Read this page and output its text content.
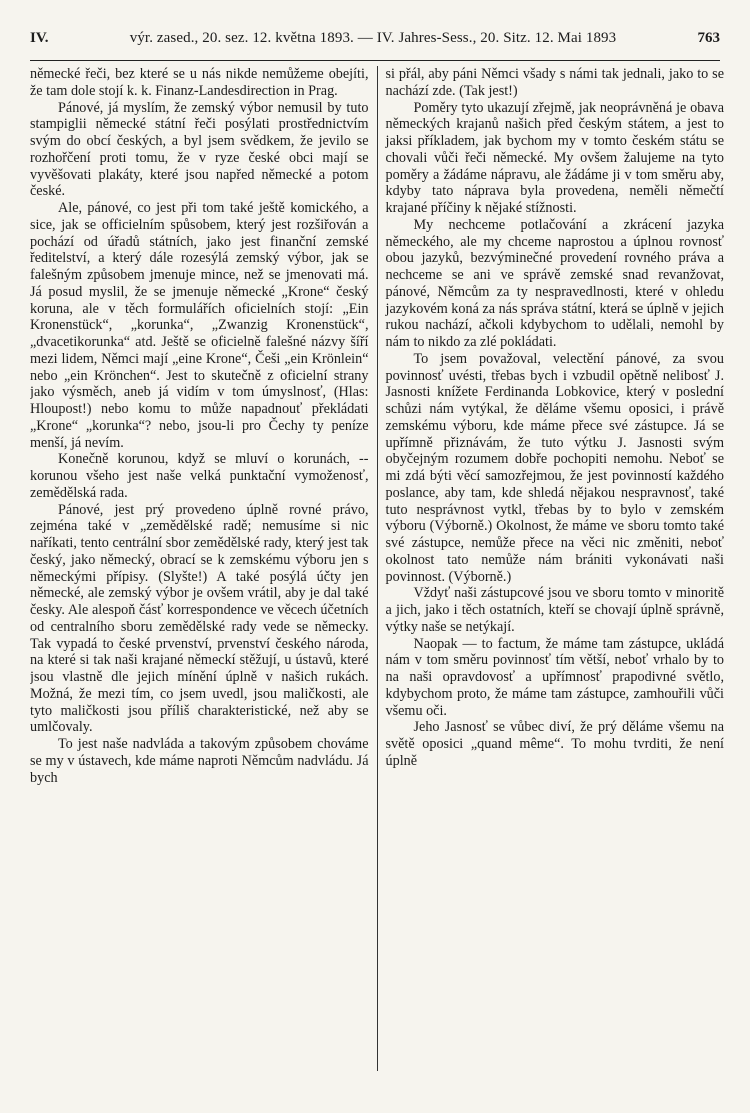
IV.	výr. zased., 20. sez. 12. května 1893. — IV. Jahres-Sess., 20. Sitz. 12. Mai 1893	763

německé řeči, bez které se u nás nikde nemůžeme obejíti, že tam dole stojí k. k. Finanz-Landesdirection in Prag.

Pánové, já myslím, že zemský výbor nemusil by tuto stampiglii německé státní řeči posýlati prostřednictvím svým do obcí českých, a byl jsem svědkem, že jevilo se rozhořčení proti tomu, že v ryze české obci mají se vyvěšovati plakáty, které jsou napřed německé a potom české.

Ale, pánové, co jest při tom také ještě komického, a sice, jak se officielním spůsobem, který jest rozšiřován a pochází od úřadů státních, jako jest finanční zemské ředitelství, a který dále rozesýlá zemský výbor, jak se falešným způsobem jmenuje mince, než se jmenovati má. Já posud myslil, že se jmenuje německé „Krone“ český koruna, ale v těch formulářích oficielních stojí: „Ein Kronenstück“, „korunka“, „Zwanzig Kronenstück“, „dvacetikorunka“ atd. Ještě se oficielně falešné názvy šíří mezi lidem, Němci mají „eine Krone“, Češi „ein Krönlein“ nebo „ein Krönchen“. Jest to skutečně z oficielní strany jako výsměch, aneb já vidím v tom úmyslnosť, (Hlas: Hloupost!) nebo komu to může napadnouť překládati „Krone“ „korunka“? nebo, jsou-li pro Čechy ty peníze menší, já nevím.

Konečně korunou, když se mluví o korunách, -- korunou všeho jest naše velká punktační vymoženosť, zemědělská rada.

Pánové, jest prý provedeno úplně rovné právo, zejména také v „zemědělské radě; nemusíme si nic naříkati, tento centrální sbor zemědělské rady, který jest tak český, jako německý, obrací se k zemskému výboru jen s německými přípisy. (Slyšte!) A také posýlá účty jen německé, ale zemský výbor je ovšem vrátil, aby je dal také česky. Ale alespoň čásť korrespondence ve věcech účetních od centralního sboru zemědělské rady vede se německy. Tak vypadá to české prvenství, prvenství českého národa, na které si tak naši krajané německí stěžují, u ústavů, které jsou vlastně dle jejich mínění úplně v našich rukách. Možná, že mezi tím, co jsem uvedl, jsou maličkosti, ale tyto maličkosti jsou příliš charakteristické, než aby se umlčovaly.

To jest naše nadvláda a takovým způsobem chováme se my v ústavech, kde máme naproti Němcům nadvládu. Já bych

si přál, aby páni Němci všady s námi tak jednali, jako to se nachází zde. (Tak jest!)

Poměry tyto ukazují zřejmě, jak neoprávněná je obava německých krajanů našich před českým státem, a jest to jaksi příkladem, jak bychom my v tomto českém státu se chovali vůči řeči německé. My ovšem žalujeme na tyto poměry a žádáme nápravu, ale žádáme ji v tom směru aby, kdyby tato náprava byla provedena, neměli němečtí krajané příčiny k nějaké stížnosti.

My nechceme potlačování a zkrácení jazyka německého, ale my chceme naprostou a úplnou rovnosť obou jazyků, bezvýminečné provedení rovného práva a nechceme se ani ve správě zemské snad revanžovat, pánové, Němcům za ty nespravedlnosti, které v ohledu jazykovém koná za nás správa státní, která se úplně v jejich rukou nachází, ačkoli kdybychom to udělali, nemohl by nám to nikdo za zlé pokládati.

To jsem považoval, velectění pánové, za svou povinnosť uvésti, třebas bych i vzbudil opětně nelibosť J. Jasnosti knížete Ferdinanda Lobkovice, který v poslední schůzi nám vytýkal, že děláme všemu oposici, i právě zemskému výboru, kde máme přece své zástupce. Já se upřímně přiznávám, že tuto výtku J. Jasnosti svým obyčejným rozumem dobře pochopiti nemohu. Neboť se mi zdá býti věcí samozřejmou, že jest povinností každého poslance, aby tam, kde shledá nějakou nespravnosť, také tuto nesprávnost vytkl, třebas by to bylo v zemském výboru (Výborně.) Okolnost, že máme ve sboru tomto také své zástupce, nemůže přece na věci nic změniti, neboť okolnost tato nemůže nám brániti vykonávati naši povinnost. (Výborně.)

Vždyť naši zástupcové jsou ve sboru tomto v minoritě a jich, jako i těch ostatních, kteří se chovají úplně správně, výtky naše se netýkají.

Naopak — to factum, že máme tam zástupce, ukládá nám v tom směru povinnosť tím větší, neboť vrhalo by to na naši opravdovosť a upřímnosť prapodivné světlo, kdybychom proto, že máme tam zástupce, zamhouřili vůči všemu oči.

Jeho Jasnosť se vůbec diví, že prý děláme všemu na světě oposici „quand même“. To mohu tvrditi, že není úplně
